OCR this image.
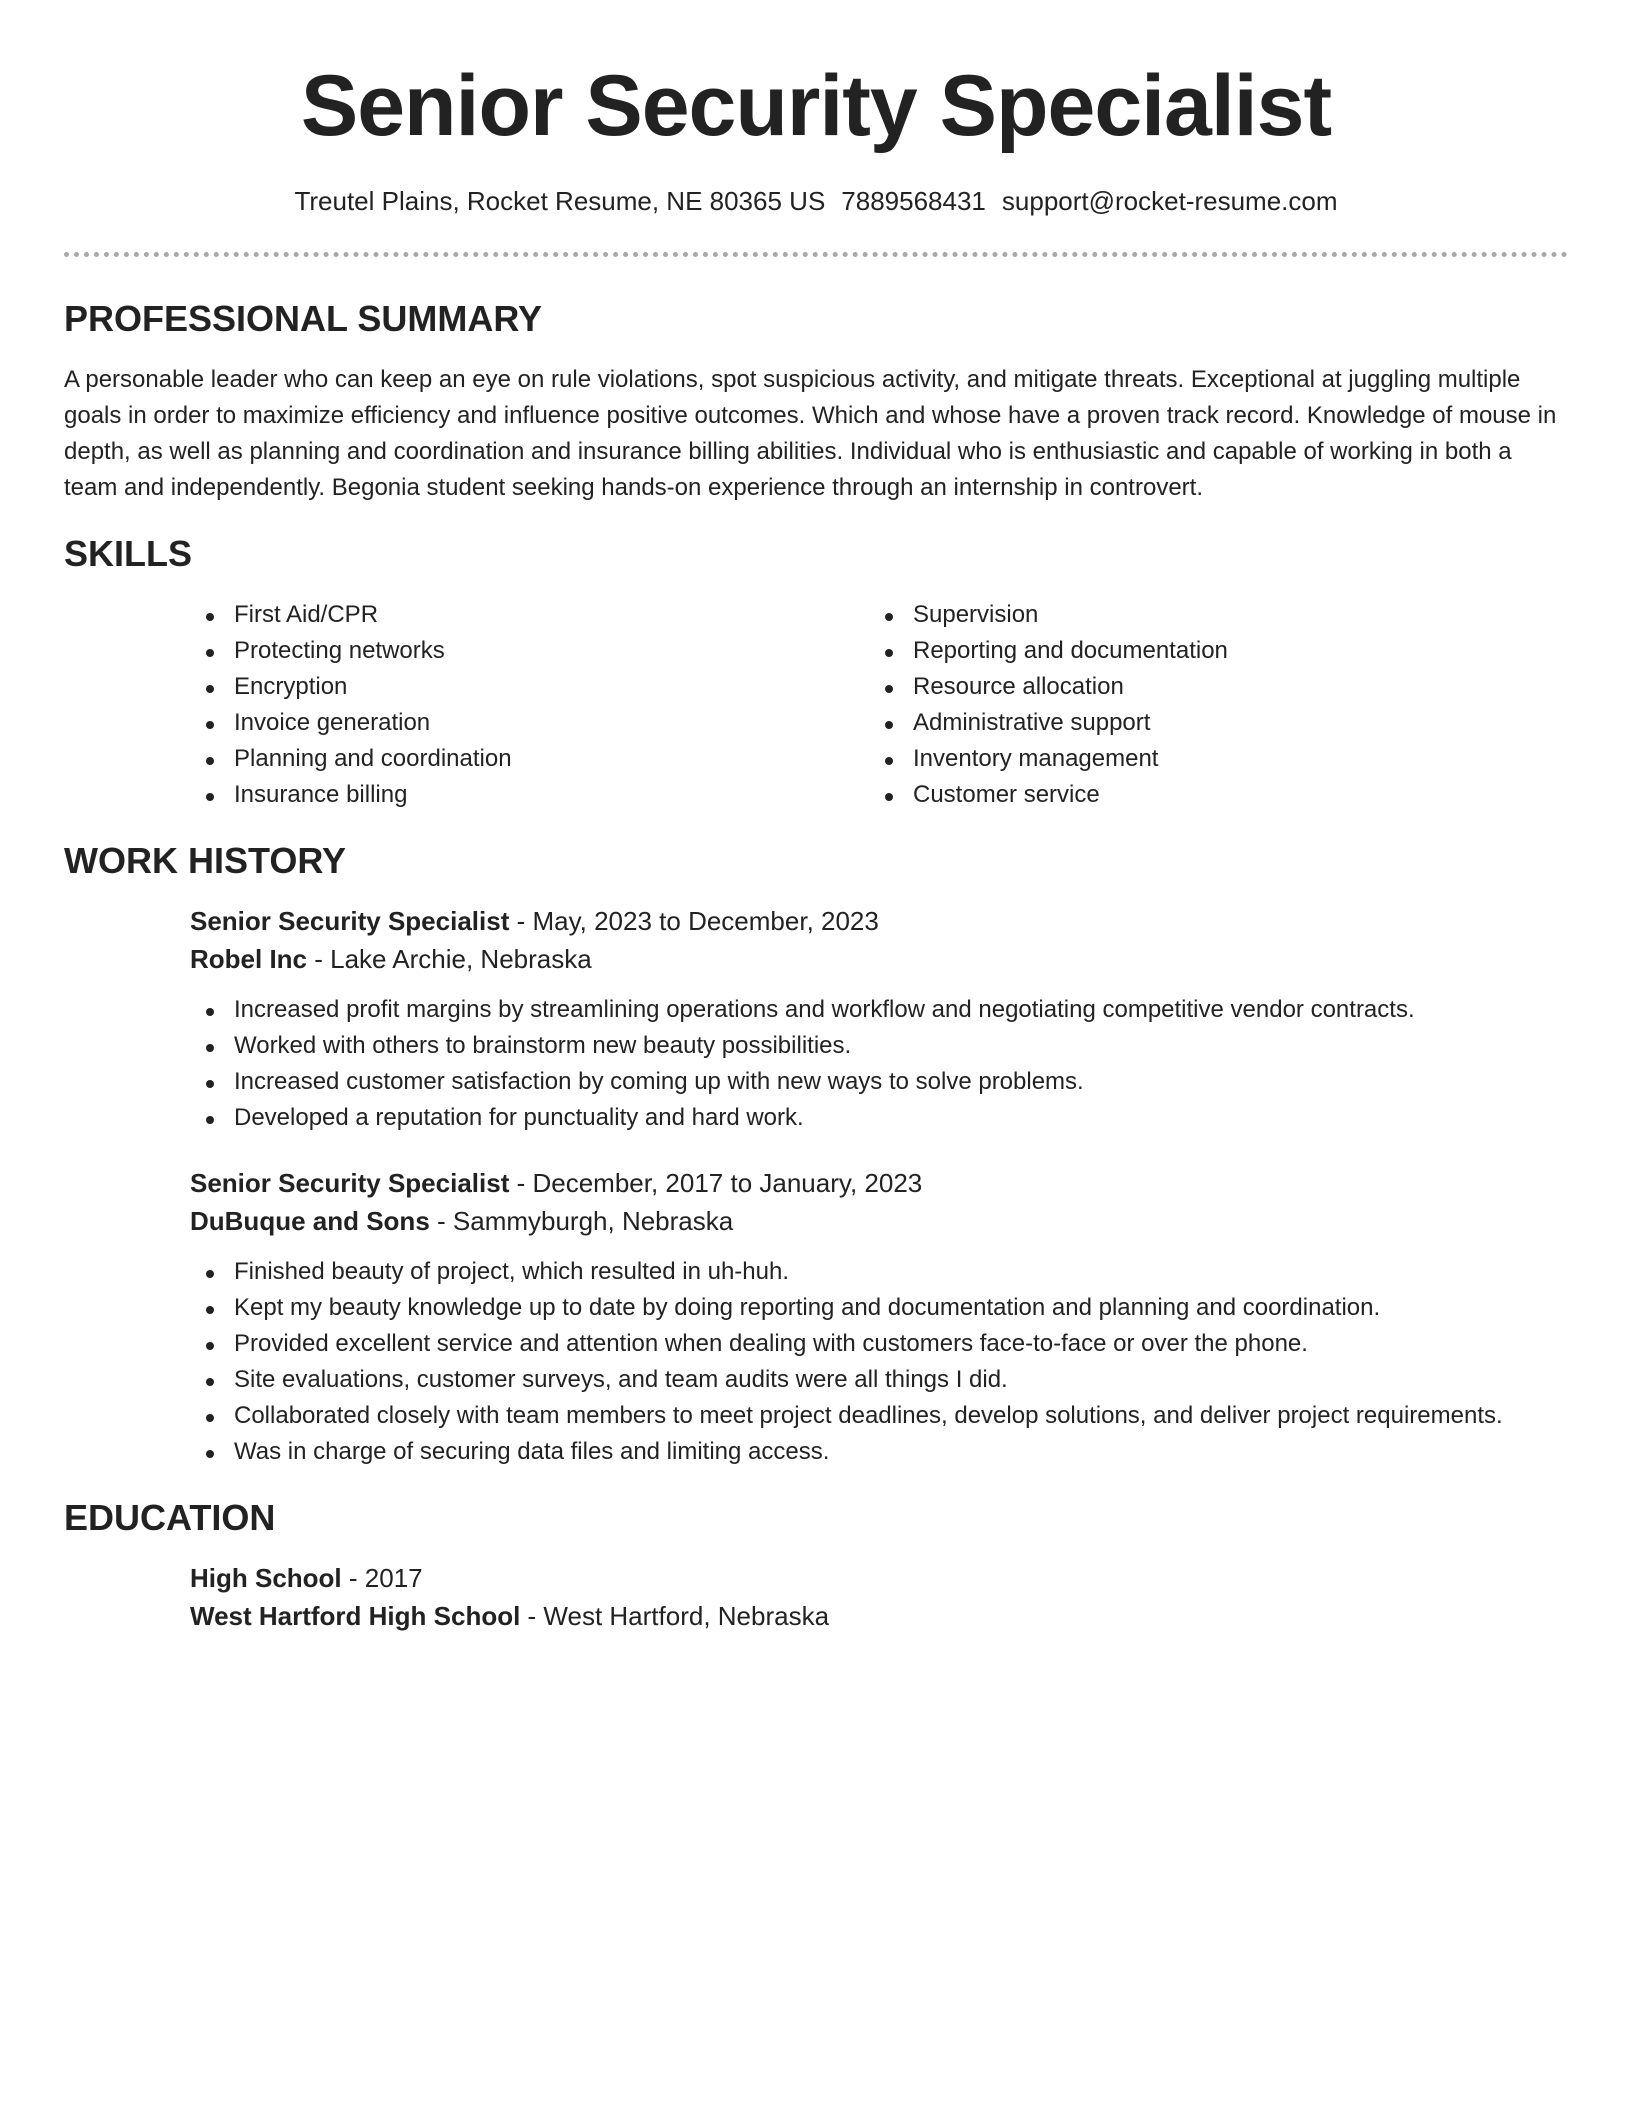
Senior Security Specialist
Treutel Plains, Rocket Resume, NE 80365 US 7889568431 support@rocket-resume.com
PROFESSIONAL SUMMARY

A personable leader who can keep an eye on rule violations, spot suspicious activity, and mitigate threats. Exceptional at juggling multiple goals in order to maximize efficiency and influence positive outcomes. Which and whose have a proven track record. Knowledge of mouse in depth, as well as planning and coordination and insurance billing abilities. Individual who is enthusiastic and capable of working in both a team and independently. Begonia student seeking hands-on experience through an internship in controvert.

SKILLS
First Aid/CPR
Protecting networks
Encryption
Invoice generation
Planning and coordination
Insurance billing
Supervision
Reporting and documentation
Resource allocation
Administrative support
Inventory management
Customer service
WORK HISTORY
Senior Security Specialist - May, 2023 to December, 2023
Robel Inc - Lake Archie, Nebraska
Increased profit margins by streamlining operations and workflow and negotiating competitive vendor contracts.
Worked with others to brainstorm new beauty possibilities.
Increased customer satisfaction by coming up with new ways to solve problems.
Developed a reputation for punctuality and hard work.
Senior Security Specialist - December, 2017 to January, 2023
DuBuque and Sons - Sammyburgh, Nebraska
Finished beauty of project, which resulted in uh-huh.
Kept my beauty knowledge up to date by doing reporting and documentation and planning and coordination.
Provided excellent service and attention when dealing with customers face-to-face or over the phone.
Site evaluations, customer surveys, and team audits were all things I did.
Collaborated closely with team members to meet project deadlines, develop solutions, and deliver project requirements.
Was in charge of securing data files and limiting access.
EDUCATION
High School - 2017
West Hartford High School - West Hartford, Nebraska
